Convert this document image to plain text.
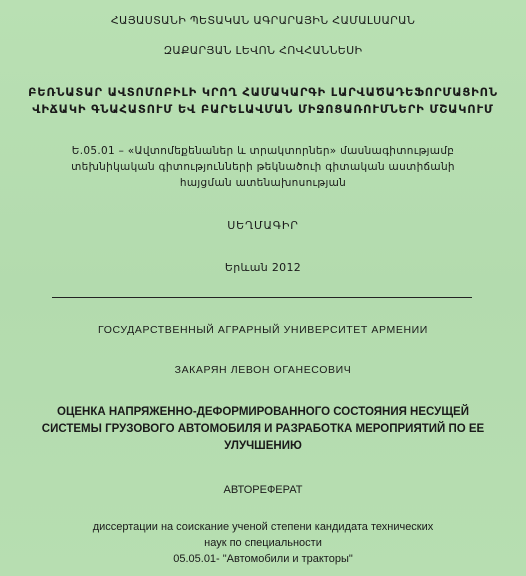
ՀԱՅԱՍՏԱՆԻ ՊԵՏԱԿԱՆ ԱԳՐԱՐԱՅԻՆ ՀԱՄԱԼՍԱՐԱՆ
ԶԱՔԱՐՅԱՆ ԼԵՎՈՆ ՀՈՎՀԱՆՆԵՍԻ
ԲԵՌՆԱՏԱՐ ԱՎՏՈՄՈԲԻԼԻ ԿՐՈՂ ՀԱՄԱԿԱՐԳԻ ԼԱՐՎԱԾԱԴԵՖՈՐՄԱՑԻՈՆ
ՎԻՃԱԿԻ ԳՆԱՀԱՏՈՒՄ ԵՎ ԲԱՐԵԼԱՎՄԱՆ ՄԻՋՈՑԱՌՈՒՄՆԵՐԻ ՄՇԱԿՈՒՄ
Ե.05.01 – «Ավտոմեքենաներ և տրակտորներ» մասնագիտությամբ
տեխնիկական գիտությունների թեկնածուի գիտական աստիճանի
հայցման ատենախոսության
ՍԵՂՄԱԳԻՐ
Երևան 2012
ГОСУДАРСТВЕННЫЙ АГРАРНЫЙ УНИВЕРСИТЕТ АРМЕНИИ
ЗАКАРЯН ЛЕВОН ОГАНЕСОВИЧ
ОЦЕНКА НАПРЯЖЕННО-ДЕФОРМИРОВАННОГО СОСТОЯНИЯ НЕСУЩЕЙ
СИСТЕМЫ ГРУЗОВОГО АВТОМОБИЛЯ И РАЗРАБОТКА МЕРОПРИЯТИЙ ПО ЕЕ
УЛУЧШЕНИЮ
АВТОРЕФЕРАТ
диссертации на соискание ученой степени кандидата технических
наук по специальности
05.05.01- "Автомобили и тракторы"
